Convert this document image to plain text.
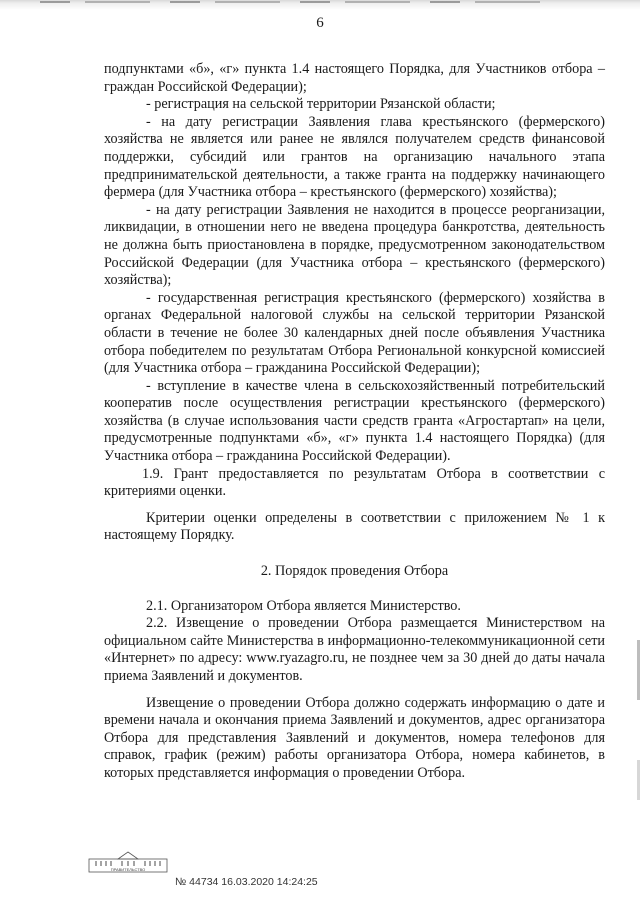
6

подпунктами «б», «г» пункта 1.4 настоящего Порядка, для Участников отбора – граждан Российской Федерации);

- регистрация на сельской территории Рязанской области;

- на дату регистрации Заявления глава крестьянского (фермерского) хозяйства не является или ранее не являлся получателем средств финансовой поддержки, субсидий или грантов на организацию начального этапа предпринимательской деятельности, а также гранта на поддержку начинающего фермера (для Участника отбора – крестьянского (фермерского) хозяйства);

- на дату регистрации Заявления не находится в процессе реорганизации, ликвидации, в отношении него не введена процедура банкротства, деятельность не должна быть приостановлена в порядке, предусмотренном законодательством Российской Федерации (для Участника отбора – крестьянского (фермерского) хозяйства);

- государственная регистрация крестьянского (фермерского) хозяйства в органах Федеральной налоговой службы на сельской территории Рязанской области в течение не более 30 календарных дней после объявления Участника отбора победителем по результатам Отбора Региональной конкурсной комиссией (для Участника отбора – гражданина Российской Федерации);

- вступление в качестве члена в сельскохозяйственный потребительский кооператив после осуществления регистрации крестьянского (фермерского) хозяйства (в случае использования части средств гранта «Агростартап» на цели, предусмотренные подпунктами «б», «г» пункта 1.4 настоящего Порядка) (для Участника отбора – гражданина Российской Федерации).

1.9. Грант предоставляется по результатам Отбора в соответствии с критериями оценки.

Критерии оценки определены в соответствии с приложением № 1 к настоящему Порядку.

2. Порядок проведения Отбора

2.1. Организатором Отбора является Министерство.

2.2. Извещение о проведении Отбора размещается Министерством на официальном сайте Министерства в информационно-телекоммуникационной сети «Интернет» по адресу: www.ryazagro.ru, не позднее чем за 30 дней до даты начала приема Заявлений и документов.

Извещение о проведении Отбора должно содержать информацию о дате и времени начала и окончания приема Заявлений и документов, адрес организатора Отбора для представления Заявлений и документов, номера телефонов для справок, график (режим) работы организатора Отбора, номера кабинетов, в которых представляется информация о проведении Отбора.

ПРАВИТЕЛЬСТВО
№ 44734 16.03.2020 14:24:25
